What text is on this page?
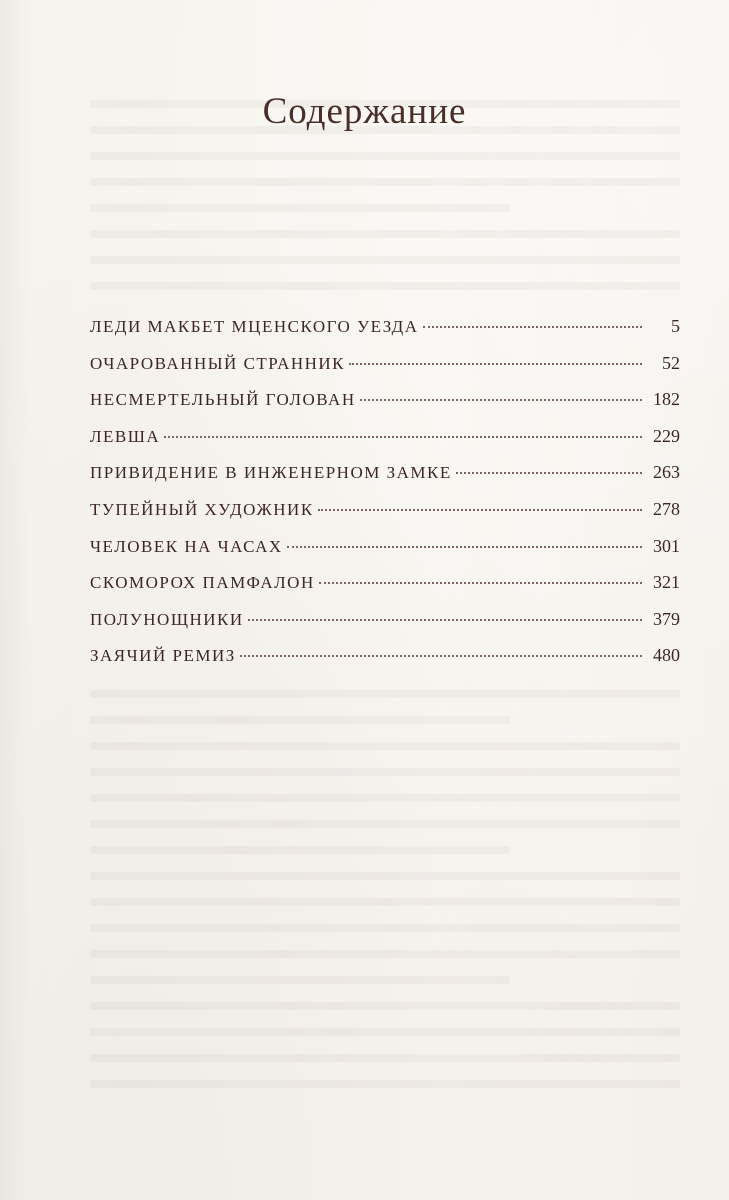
Содержание
ЛЕДИ МАКБЕТ МЦЕНСКОГО УЕЗДА	5
ОЧАРОВАННЫЙ СТРАННИК	52
НЕСМЕРТЕЛЬНЫЙ ГОЛОВАН	182
ЛЕВША	229
ПРИВИДЕНИЕ В ИНЖЕНЕРНОМ ЗАМКЕ	263
ТУПЕЙНЫЙ ХУДОЖНИК	278
ЧЕЛОВЕК НА ЧАСАХ	301
СКОМОРОХ ПАМФАЛОН	321
ПОЛУНОЩНИКИ	379
ЗАЯЧИЙ РЕМИЗ	480
